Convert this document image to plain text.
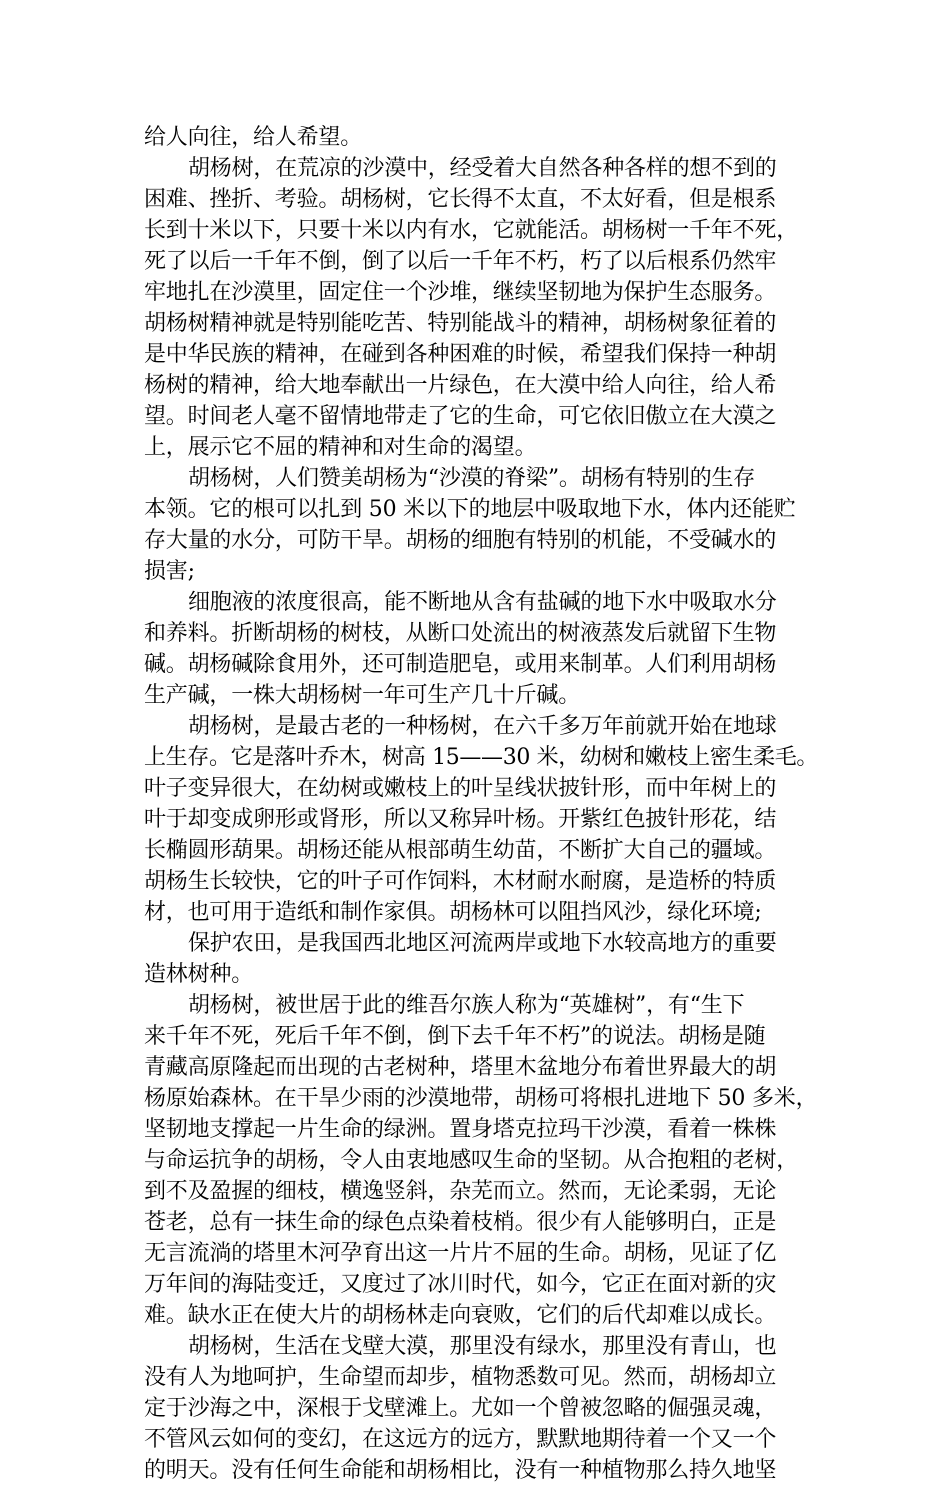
给人向往，给人希望。
胡杨树，在荒凉的沙漠中，经受着大自然各种各样的想不到的
困难、挫折、考验。胡杨树，它长得不太直，不太好看，但是根系
长到十米以下，只要十米以内有水，它就能活。胡杨树一千年不死，
死了以后一千年不倒，倒了以后一千年不朽，朽了以后根系仍然牢
牢地扎在沙漠里，固定住一个沙堆，继续坚韧地为保护生态服务。
胡杨树精神就是特别能吃苦、特别能战斗的精神，胡杨树象征着的
是中华民族的精神，在碰到各种困难的时候，希望我们保持一种胡
杨树的精神，给大地奉献出一片绿色，在大漠中给人向往，给人希
望。时间老人毫不留情地带走了它的生命，可它依旧傲立在大漠之
上，展示它不屈的精神和对生命的渴望。
胡杨树，人们赞美胡杨为“沙漠的脊梁”。胡杨有特别的生存
本领。它的根可以扎到 50 米以下的地层中吸取地下水，体内还能贮
存大量的水分，可防干旱。胡杨的细胞有特别的机能，不受碱水的
损害;
细胞液的浓度很高，能不断地从含有盐碱的地下水中吸取水分
和养料。折断胡杨的树枝，从断口处流出的树液蒸发后就留下生物
碱。胡杨碱除食用外，还可制造肥皂，或用来制革。人们利用胡杨
生产碱，一株大胡杨树一年可生产几十斤碱。
胡杨树，是最古老的一种杨树，在六千多万年前就开始在地球
上生存。它是落叶乔木，树高 15——30 米，幼树和嫩枝上密生柔毛。
叶子变异很大，在幼树或嫩枝上的叶呈线状披针形，而中年树上的
叶于却变成卵形或肾形，所以又称异叶杨。开紫红色披针形花，结
长椭圆形葫果。胡杨还能从根部萌生幼苗，不断扩大自己的疆域。
胡杨生长较快，它的叶子可作饲料，木材耐水耐腐，是造桥的特质
材，也可用于造纸和制作家俱。胡杨林可以阻挡风沙，绿化环境;
保护农田，是我国西北地区河流两岸或地下水较高地方的重要
造林树种。
胡杨树，被世居于此的维吾尔族人称为“英雄树”，有“生下
来千年不死，死后千年不倒，倒下去千年不朽”的说法。胡杨是随
青藏高原隆起而出现的古老树种，塔里木盆地分布着世界最大的胡
杨原始森林。在干旱少雨的沙漠地带，胡杨可将根扎进地下 50 多米，
坚韧地支撑起一片生命的绿洲。置身塔克拉玛干沙漠，看着一株株
与命运抗争的胡杨，令人由衷地感叹生命的坚韧。从合抱粗的老树，
到不及盈握的细枝，横逸竖斜，杂芜而立。然而，无论柔弱，无论
苍老，总有一抹生命的绿色点染着枝梢。很少有人能够明白，正是
无言流淌的塔里木河孕育出这一片片不屈的生命。胡杨，见证了亿
万年间的海陆变迁，又度过了冰川时代，如今，它正在面对新的灾
难。缺水正在使大片的胡杨林走向衰败，它们的后代却难以成长。
胡杨树，生活在戈壁大漠，那里没有绿水，那里没有青山，也
没有人为地呵护，生命望而却步，植物悉数可见。然而，胡杨却立
定于沙海之中，深根于戈壁滩上。尤如一个曾被忽略的倔强灵魂，
不管风云如何的变幻，在这远方的远方，默默地期待着一个又一个
的明天。没有任何生命能和胡杨相比，没有一种植物那么持久地坚
